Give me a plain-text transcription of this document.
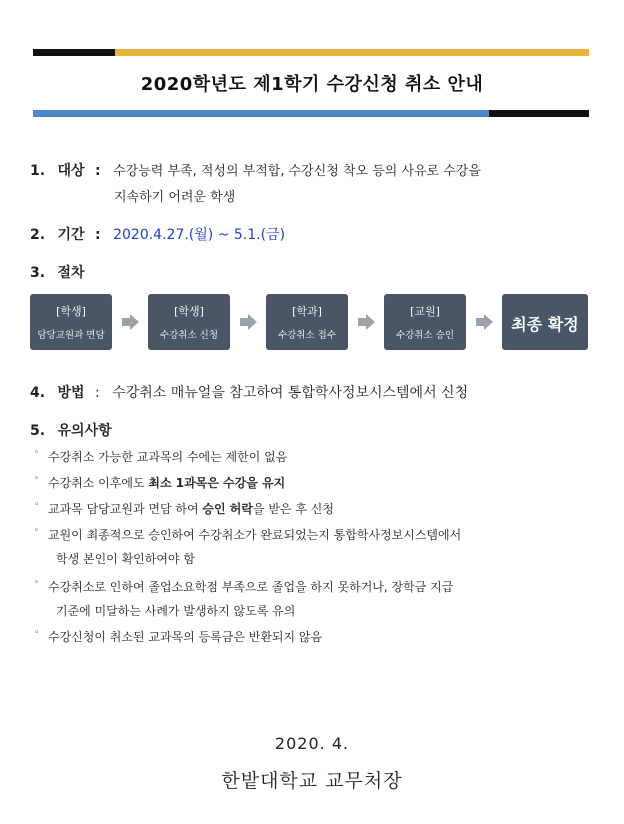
2020학년도 제1학기 수강신청 취소 안내
1. 대상 : 수강능력 부족, 적성의 부적합, 수강신청 착오 등의 사유로 수강을
지속하기 어려운 학생
2. 기간 : 2020.4.27.(월) ~ 5.1.(금)
3. 절차
[학생]
담당교원과 면담
[학생]
수강취소 신청
[학과]
수강취소 접수
[교원]
수강취소 승인
최종 확정
4. 방법 : 수강취소 매뉴얼을 참고하여 통합학사정보시스템에서 신청
5. 유의사항
◦ 수강취소 가능한 교과목의 수에는 제한이 없음
◦ 수강취소 이후에도 최소 1과목은 수강을 유지
◦ 교과목 담당교원과 면담 하여 승인 허락을 받은 후 신청
◦ 교원이 최종적으로 승인하여 수강취소가 완료되었는지 통합학사정보시스템에서
학생 본인이 확인하여야 함
◦ 수강취소로 인하여 졸업소요학점 부족으로 졸업을 하지 못하거나, 장학금 지급
기준에 미달하는 사례가 발생하지 않도록 유의
◦ 수강신청이 취소된 교과목의 등록금은 반환되지 않음
2020. 4.
한밭대학교 교무처장
